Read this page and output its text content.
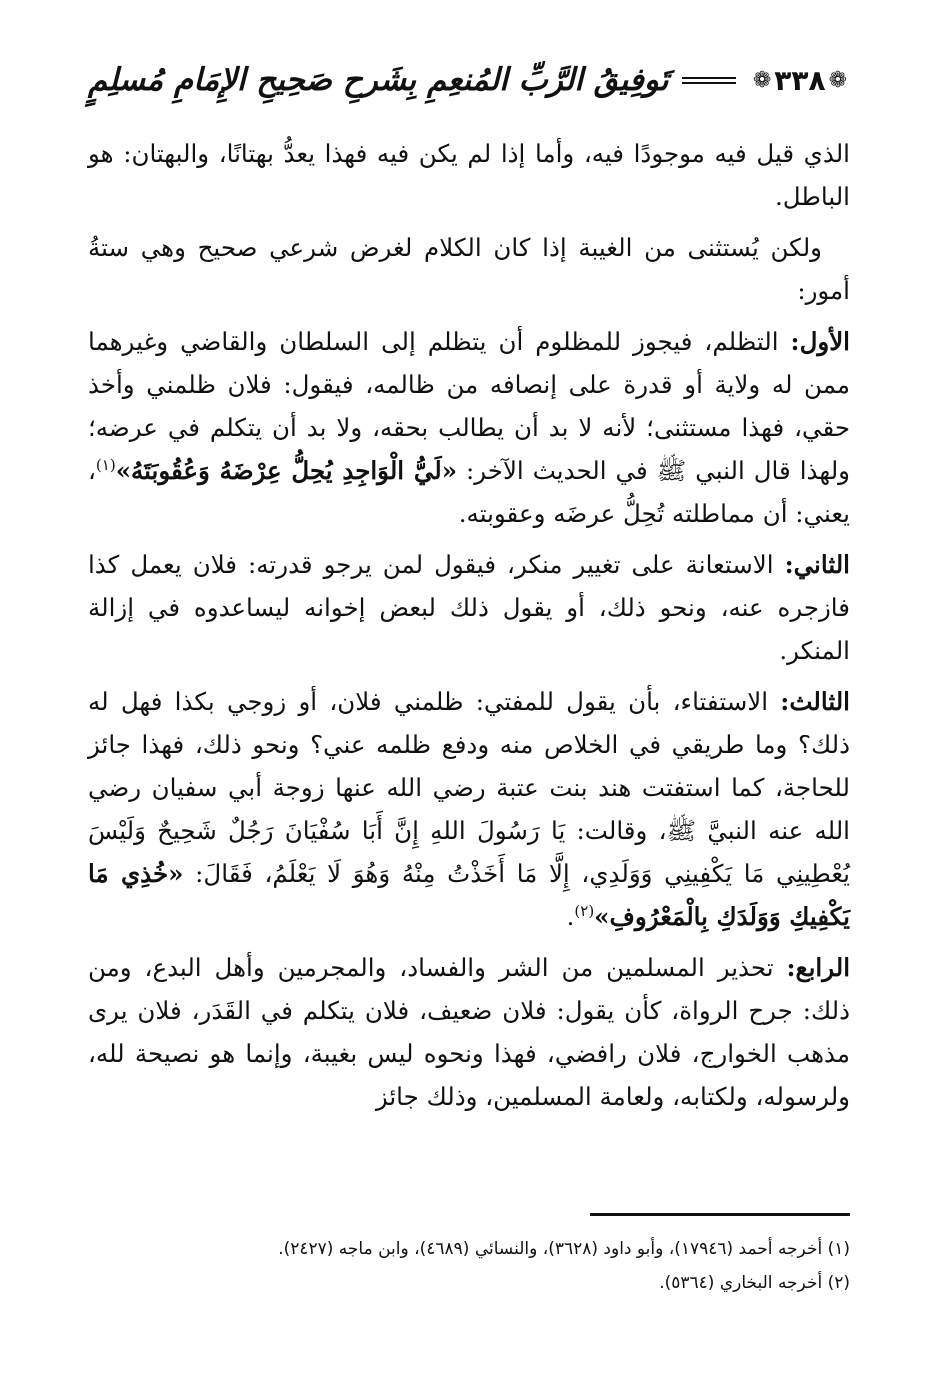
❁
٣٣٨
❁
تَوفِيقُ الرَّبِّ المُنعِمِ بِشَرحِ صَحِيحِ الإِمَامِ مُسلِمٍ

الذي قيل فيه موجودًا فيه، وأما إذا لم يكن فيه فهذا يعدُّ بهتانًا، والبهتان: هو الباطل.

ولكن يُستثنى من الغيبة إذا كان الكلام لغرض شرعي صحيح وهي ستةُ أمور:

الأول: التظلم، فيجوز للمظلوم أن يتظلم إلى السلطان والقاضي وغيرهما ممن له ولاية أو قدرة على إنصافه من ظالمه، فيقول: فلان ظلمني وأخذ حقي، فهذا مستثنى؛ لأنه لا بد أن يطالب بحقه، ولا بد أن يتكلم في عرضه؛ ولهذا قال النبي ﷺ في الحديث الآخر: «لَيُّ الْوَاجِدِ يُحِلُّ عِرْضَهُ وَعُقُوبَتَهُ»$^{(١)}$، يعني: أن مماطلته تُحِلُّ عرضَه وعقوبته.

الثاني: الاستعانة على تغيير منكر، فيقول لمن يرجو قدرته: فلان يعمل كذا فازجره عنه، ونحو ذلك، أو يقول ذلك لبعض إخوانه ليساعدوه في إزالة المنكر.

الثالث: الاستفتاء، بأن يقول للمفتي: ظلمني فلان، أو زوجي بكذا فهل له ذلك؟ وما طريقي في الخلاص منه ودفع ظلمه عني؟ ونحو ذلك، فهذا جائز للحاجة، كما استفتت هند بنت عتبة رضي الله عنها زوجة أبي سفيان رضي الله عنه النبيَّ ﷺ، وقالت: يَا رَسُولَ اللهِ إِنَّ أَبَا سُفْيَانَ رَجُلٌ شَحِيحٌ وَلَيْسَ يُعْطِينِي مَا يَكْفِينِي وَوَلَدِي، إِلَّا مَا أَخَذْتُ مِنْهُ وَهُوَ لَا يَعْلَمُ، فَقَالَ: «خُذِي مَا يَكْفِيكِ وَوَلَدَكِ بِالْمَعْرُوفِ»$^{(٢)}$.

الرابع: تحذير المسلمين من الشر والفساد، والمجرمين وأهل البدع، ومن ذلك: جرح الرواة، كأن يقول: فلان ضعيف، فلان يتكلم في القَدَر، فلان يرى مذهب الخوارج، فلان رافضي، فهذا ونحوه ليس بغيبة، وإنما هو نصيحة لله، ولرسوله، ولكتابه، ولعامة المسلمين، وذلك جائز

(١) أخرجه أحمد (١٧٩٤٦)، وأبو داود (٣٦٢٨)، والنسائي (٤٦٨٩)، وابن ماجه (٢٤٢٧).
(٢) أخرجه البخاري (٥٣٦٤).
